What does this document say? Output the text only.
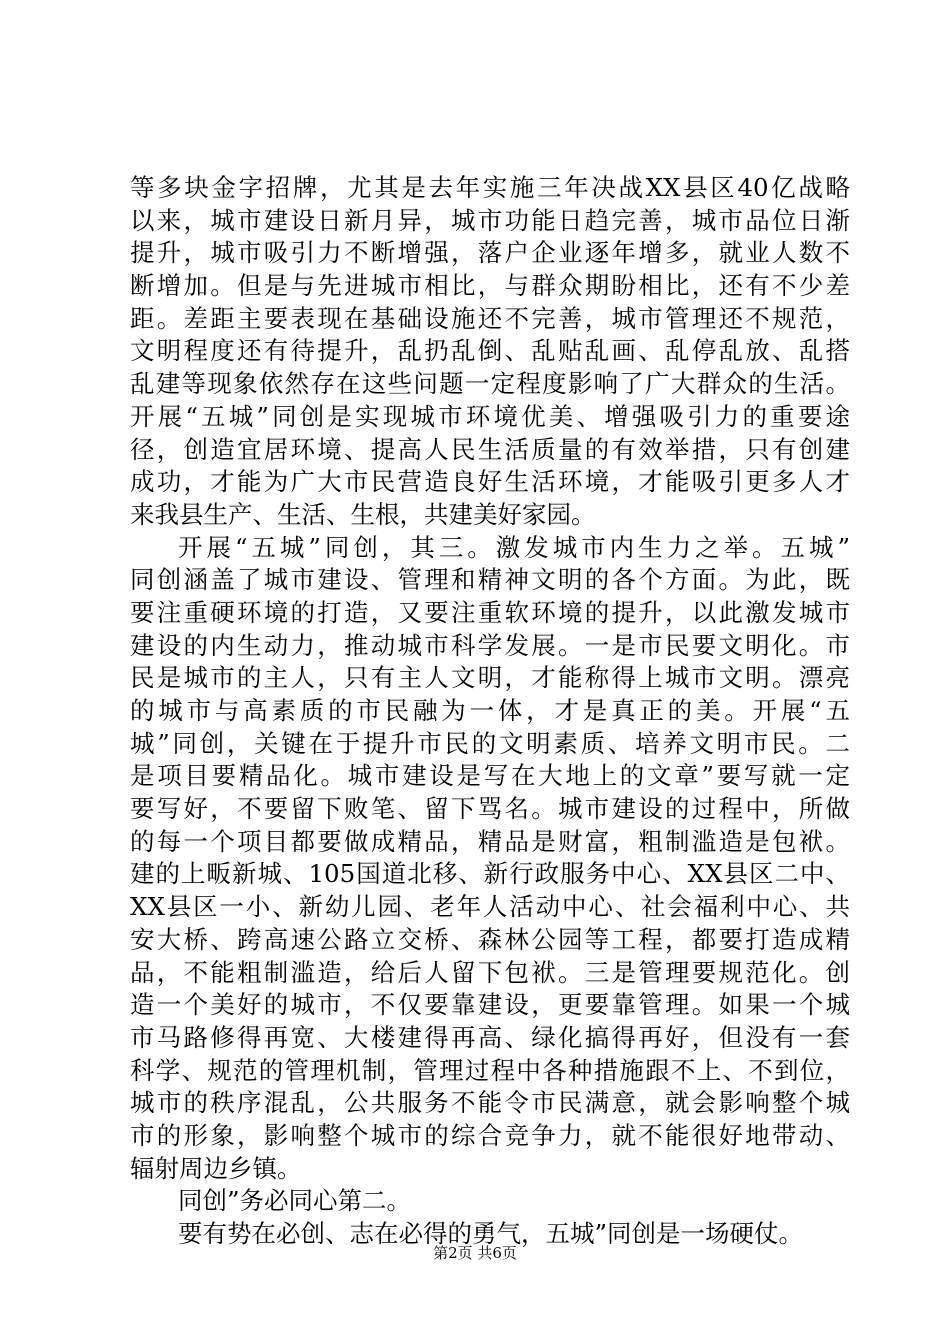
等多块金字招牌，尤其是去年实施三年决战XX县区40亿战略
以来，城市建设日新月异，城市功能日趋完善，城市品位日渐
提升，城市吸引力不断增强，落户企业逐年增多，就业人数不
断增加。但是与先进城市相比，与群众期盼相比，还有不少差
距。差距主要表现在基础设施还不完善，城市管理还不规范，
文明程度还有待提升，乱扔乱倒、乱贴乱画、乱停乱放、乱搭
乱建等现象依然存在这些问题一定程度影响了广大群众的生活。
开展“五城”同创是实现城市环境优美、增强吸引力的重要途
径，创造宜居环境、提高人民生活质量的有效举措，只有创建
成功，才能为广大市民营造良好生活环境，才能吸引更多人才
来我县生产、生活、生根，共建美好家园。
开展“五城”同创，其三。激发城市内生力之举。五城”
同创涵盖了城市建设、管理和精神文明的各个方面。为此，既
要注重硬环境的打造，又要注重软环境的提升，以此激发城市
建设的内生动力，推动城市科学发展。一是市民要文明化。市
民是城市的主人，只有主人文明，才能称得上城市文明。漂亮
的城市与高素质的市民融为一体，才是真正的美。开展“五
城”同创，关键在于提升市民的文明素质、培养文明市民。二
是项目要精品化。城市建设是写在大地上的文章”要写就一定
要写好，不要留下败笔、留下骂名。城市建设的过程中，所做
的每一个项目都要做成精品，精品是财富，粗制滥造是包袱。
建的上畈新城、105国道北移、新行政服务中心、XX县区二中、
XX县区一小、新幼儿园、老年人活动中心、社会福利中心、共
安大桥、跨高速公路立交桥、森林公园等工程，都要打造成精
品，不能粗制滥造，给后人留下包袱。三是管理要规范化。创
造一个美好的城市，不仅要靠建设，更要靠管理。如果一个城
市马路修得再宽、大楼建得再高、绿化搞得再好，但没有一套
科学、规范的管理机制，管理过程中各种措施跟不上、不到位，
城市的秩序混乱，公共服务不能令市民满意，就会影响整个城
市的形象，影响整个城市的综合竞争力，就不能很好地带动、
辐射周边乡镇。
同创”务必同心第二。
要有势在必创、志在必得的勇气，五城”同创是一场硬仗。
第2页 共6页
